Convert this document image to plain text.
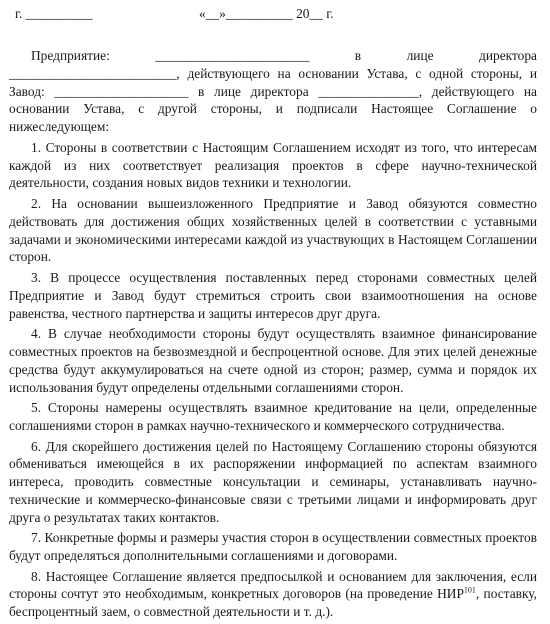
г. __________	«__»__________ 20__ г.

Предприятие: _______________________ в лице директора _________________________, действующего на основании Устава, с одной стороны, и Завод: ____________________ в лице директора _______________, действующего на основании Устава, с другой стороны, и подписали Настоящее Соглашение о нижеследующем:

1. Стороны в соответствии с Настоящим Соглашением исходят из того, что интересам каждой из них соответствует реализация проектов в сфере научно-технической деятельности, создания новых видов техники и технологии.

2. На основании вышеизложенного Предприятие и Завод обязуются совместно действовать для достижения общих хозяйственных целей в соответствии с уставными задачами и экономическими интересами каждой из участвующих в Настоящем Соглашении сторон.

3. В процессе осуществления поставленных перед сторонами совместных целей Предприятие и Завод будут стремиться строить свои взаимоотношения на основе равенства, честного партнерства и защиты интересов друг друга.

4. В случае необходимости стороны будут осуществлять взаимное финансирование совместных проектов на безвозмездной и беспроцентной основе. Для этих целей денежные средства будут аккумулироваться на счете одной из сторон; размер, сумма и порядок их использования будут определены отдельными соглашениями сторон.

5. Стороны намерены осуществлять взаимное кредитование на цели, определенные соглашениями сторон в рамках научно-технического и коммерческого сотрудничества.

6. Для скорейшего достижения целей по Настоящему Соглашению стороны обязуются обмениваться имеющейся в их распоряжении информацией по аспектам взаимного интереса, проводить совместные консультации и семинары, устанавливать научно-технические и коммерческо-финансовые связи с третьими лицами и информировать друг друга о результатах таких контактов.

7. Конкретные формы и размеры участия сторон в осуществлении совместных проектов будут определяться дополнительными соглашениями и договорами.

8. Настоящее Соглашение является предпосылкой и основанием для заключения, если стороны сочтут это необходимым, конкретных договоров (на проведение НИР$^{101}$, поставку, беспроцентный заем, о совместной деятельности и т. д.).
